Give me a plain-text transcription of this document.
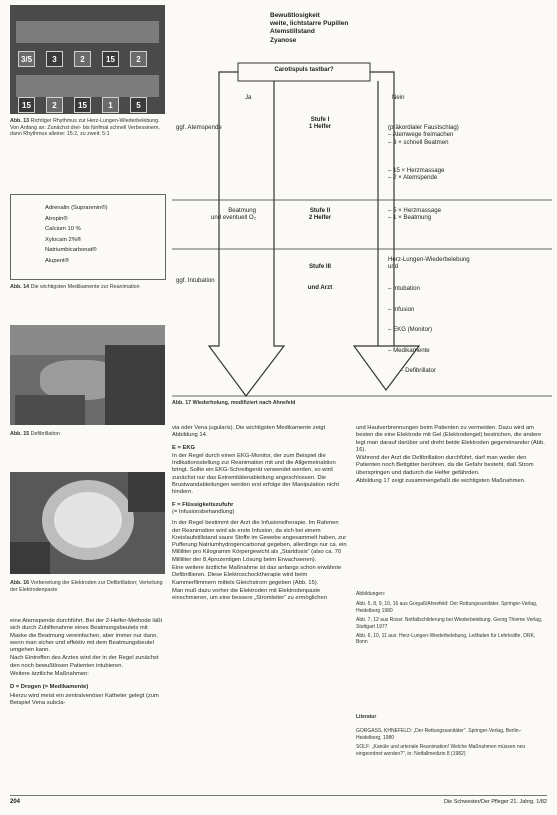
3/5	3	2	15	2
15	2	15	1	5
Abb. 13 Richtiger Rhythmus zur Herz-Lungen-Wiederbelebung. Von Anfang an: Zunächst drei- bis fünfmal schnell Verbessinem, dann Rhythmus alleine: 15:2, zu zweit: 5:1
Adrenalin (Suprarenin®)
Atropin®
Calcium 10 %
Xylocain 2%®
Natriumbicarbonat®
Alupent®
Abb. 14 Die wichtigsten Medikamente zur Reanimation
Abb. 15 Defibrillation
Abb. 16 Vorbereitung der Elektroden zur Defibrillation; Verteilung der Elektrodenpaste

eine Atemspende durchführt. Bei der 2-Helfer-Methode läßt sich durch Zuhilfenahme eines Beatmungsbeutels mit Maske die Beatmung vereinfachen, aber immer nur dann, wenn man sicher und effektiv mit dem Beatmungsbeutel umgehen kann.

Nach Eintreffen des Arztes wird der in der Regel zunächst den noch bewußtlosen Patienten intubieren.

Weitere ärztliche Maßnahmen:

D = Drogen (= Medikamente)

Hierzu wird meist ein zentralvenöser Katheter gelegt (zum Beispiel Vena subcla-

Bewußtlosigkeit
weite, lichtstarre Pupillen
Atemstillstand
Zyanose
Carotispuls tastbar?
Ja	Nein
Stufe I
1 Helfer
ggf. Atemspende	(präkordialer Faustschlag)
– Atemwege freimachen
– 3 × schnell Beatmen
– 15 × Herzmassage
– 2 × Atemspende
Stufe II
2 Helfer
Beatmung
und eventuell O₂
– 5 × Herzmassage
– 1 × Beatmung
Stufe III
und Arzt
ggf. Intubation
Herz-Lungen-Wiederbelebung
und
– Intubation
– Infusion
– EKG (Monitor)
– Medikamente
– Defibrillator
Abb. 17 Wiederholung, modifiziert nach Ahnefeld

via oder Vena jugularis). Die wichtigsten Medikamente zeigt Abbildung 14.

E = EKG

In der Regel durch einen EKG-Monitor, der zum Beispiel die Indikationsstellung zur Reanimation mit und die Allgemeinaktion bringt. Sollte ein EKG-Schreibgerät verwendet werden, so wird zunächst nur das Extremitätenableitung angeschlossen. Die Brustwandableitungen werden erst erfolge der Manipulation nicht hindern.

F = Flüssigkeitszufuhr

(= Infusionsbehandlung)

In der Regel bestimmt der Arzt die Infusionstherapie. Im Rahmen der Reanimation wird als erste Infusion, da sich bei einem Kreislaufstillstand saure Stoffe im Gewebe angesammelt haben, zur Pufferung Natriumhydrogencarbonat gegeben, allerdings nur ca. ein Milliliter pro Kilogramm Körpergewicht als „Startdosis“ (also ca. 70 Milliliter der 8,4prozentigen Lösung beim Erwachsenen).

Eine weitere ärztliche Maßnahme ist das anfangs schon erwähnte Defibrillieren. Diese Elektroschocktherapie wird beim Kammerflimmern mittels Gleichstrom gegeben (Abb. 15).

Man muß dazu vorher die Elektroden mit Elektrodenpaste einschmieren, um eine bessere „Stromleiter“ zu ermöglichen

und Hautverbrennungen beim Patienten zu vermeiden. Dazu wird am besten die eine Elektrode mit Gel (Elektrodengel) bestrichen, die andere legt man darauf darüber und dreht beide Elektroden gegeneinander (Abb. 16).

Während der Arzt die Defibrillation durchführt, darf man weder den Patienten noch Bettgitter berühren, da die Gefahr besteht, daß Strom überspringen und dadurch die Helfer gefährden.

Abbildung 17 zeigt zusammengefaßt die wichtigsten Maßnahmen.

Abbildungen:

Abb. 5, 8, 9, 10, 16 aus Gorgaß/Ahnefeld: Der Rettungssanitäter. Springer-Verlag, Heidelberg 1980

Abb. 7, 12 aus Rossi: Notfallschilderung bei Wiederbelebung. Georg Thieme Verlag, Stuttgart 1977

Abb. 6, 10, 11 aus: Herz-Lungen-Wiederbelebung, Leitfaden für Lehrkräfte, DRK, Bonn

Literatur

GORGASS, KHNEFELD: „Der Rettungssanitäter“. Springer-Verlag, Berlin–Heidelberg, 1980

SOLF: „Kanüle und arteriale Reanimation! Welche Maßnahmen müssen neu eingeordnet werden?“, in: Notfallmedizin 8 (1982)

204	Die Schwester/Der Pfleger 21. Jahrg. 1/82
